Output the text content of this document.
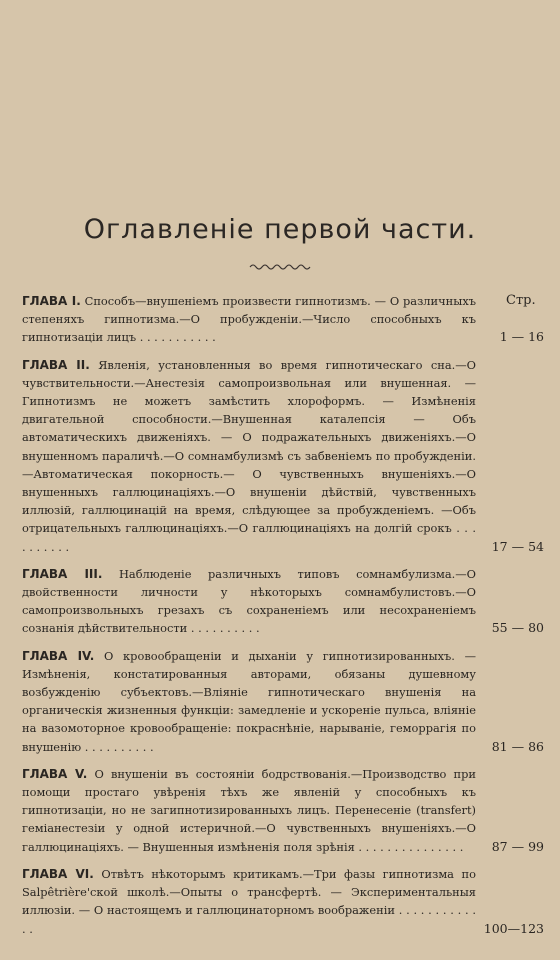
Оглавленіе первой части.
Стр.
ГЛАВА I. Способъ—внушеніемъ произвести гипнотизмъ. — О различныхъ степеняхъ гипнотизма.—О пробужденіи.—Число способныхъ къ гипнотизаціи лицъ . . . . . . . . . . .	1 — 16
ГЛАВА II. Явленія, установленныя во время гипнотическаго сна.—О чувствительности.—Анестезія самопроизвольная или внушенная. — Гипнотизмъ не можетъ замѣстить хлороформъ. — Измѣненія двигательной способности.—Внушенная каталепсія — Объ автоматическихъ движеніяхъ. — О подражательныхъ движеніяхъ.—О внушенномъ параличѣ.—О сомнамбулизмѣ съ забвеніемъ по пробужденіи.—Автоматическая покорность.— О чувственныхъ внушеніяхъ.—О внушенныхъ галлюцинаціяхъ.—О внушеніи дѣйствій, чувственныхъ иллюзій, галлюцинацій на время, слѣдующее за пробужденіемъ. —Объ отрицательныхъ галлюцинаціяхъ.—О галлюцинаціяхъ на долгій срокъ . . . . . . . . . .	17 — 54
ГЛАВА III. Наблюденіе различныхъ типовъ сомнамбулизма.—О двойственности личности у нѣкоторыхъ сомнамбулистовъ.—О самопроизвольныхъ грезахъ съ сохраненіемъ или несохраненіемъ сознанія дѣйствительности . . . . . . . . . .	55 — 80
ГЛАВА IV. О кровообращеніи и дыханіи у гипнотизированныхъ. — Измѣненія, констатированныя авторами, обязаны душевному возбужденію субъектовъ.—Вліяніе гипнотическаго внушенія на органическія жизненныя функціи: замедленіе и ускореніе пульса, вліяніе на вазомоторное кровообращеніе: покраснѣніе, нарываніе, геморрагія по внушенію . . . . . . . . . .	81 — 86
ГЛАВА V. О внушеніи въ состояніи бодрствованія.—Производство при помощи простаго увѣренія тѣхъ же явленій у способныхъ къ гипнотизаціи, но не загипнотизированныхъ лицъ. Перенесеніе (transfert) геміанестезіи у одной истеричной.—О чувственныхъ внушеніяхъ.—О галлюцинаціяхъ. — Внушенныя измѣненія поля зрѣнія . . . . . . . . . . . . . . .	87 — 99
ГЛАВА VI. Отвѣтъ нѣкоторымъ критикамъ.—Три фазы гипнотизма по Salpêtrière'ской школѣ.—Опыты о трансфертѣ. — Экспериментальныя иллюзіи. — О настоящемъ и галлюцинаторномъ воображеніи . . . . . . . . . . . . .	100—123
